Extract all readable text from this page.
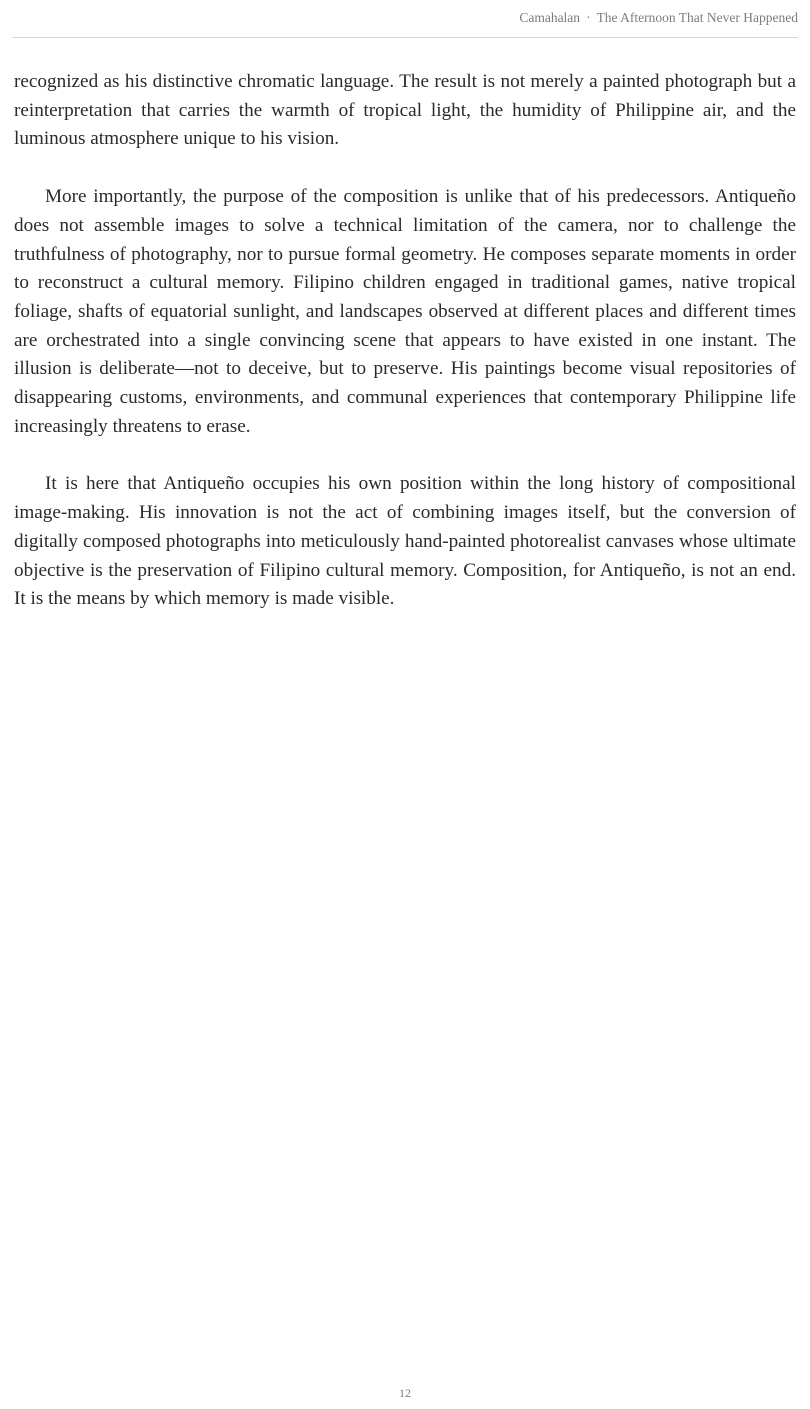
Camahalan · The Afternoon That Never Happened

recognized as his distinctive chromatic language. The result is not merely a painted photograph but a reinterpretation that carries the warmth of tropical light, the humidity of Philippine air, and the luminous atmosphere unique to his vision.

More importantly, the purpose of the composition is unlike that of his predecessors. Antiqueño does not assemble images to solve a technical limitation of the camera, nor to challenge the truthfulness of photography, nor to pursue formal geometry. He composes separate moments in order to reconstruct a cultural memory. Filipino children engaged in traditional games, native tropical foliage, shafts of equatorial sunlight, and landscapes observed at different places and different times are orchestrated into a single convincing scene that appears to have existed in one instant. The illusion is deliberate—not to deceive, but to preserve. His paintings become visual repositories of disappearing customs, environments, and communal experiences that contemporary Philippine life increasingly threatens to erase.

It is here that Antiqueño occupies his own position within the long history of compositional image-making. His innovation is not the act of combining images itself, but the conversion of digitally composed photographs into meticulously hand-painted photorealist canvases whose ultimate objective is the preservation of Filipino cultural memory. Composition, for Antiqueño, is not an end. It is the means by which memory is made visible.

12
